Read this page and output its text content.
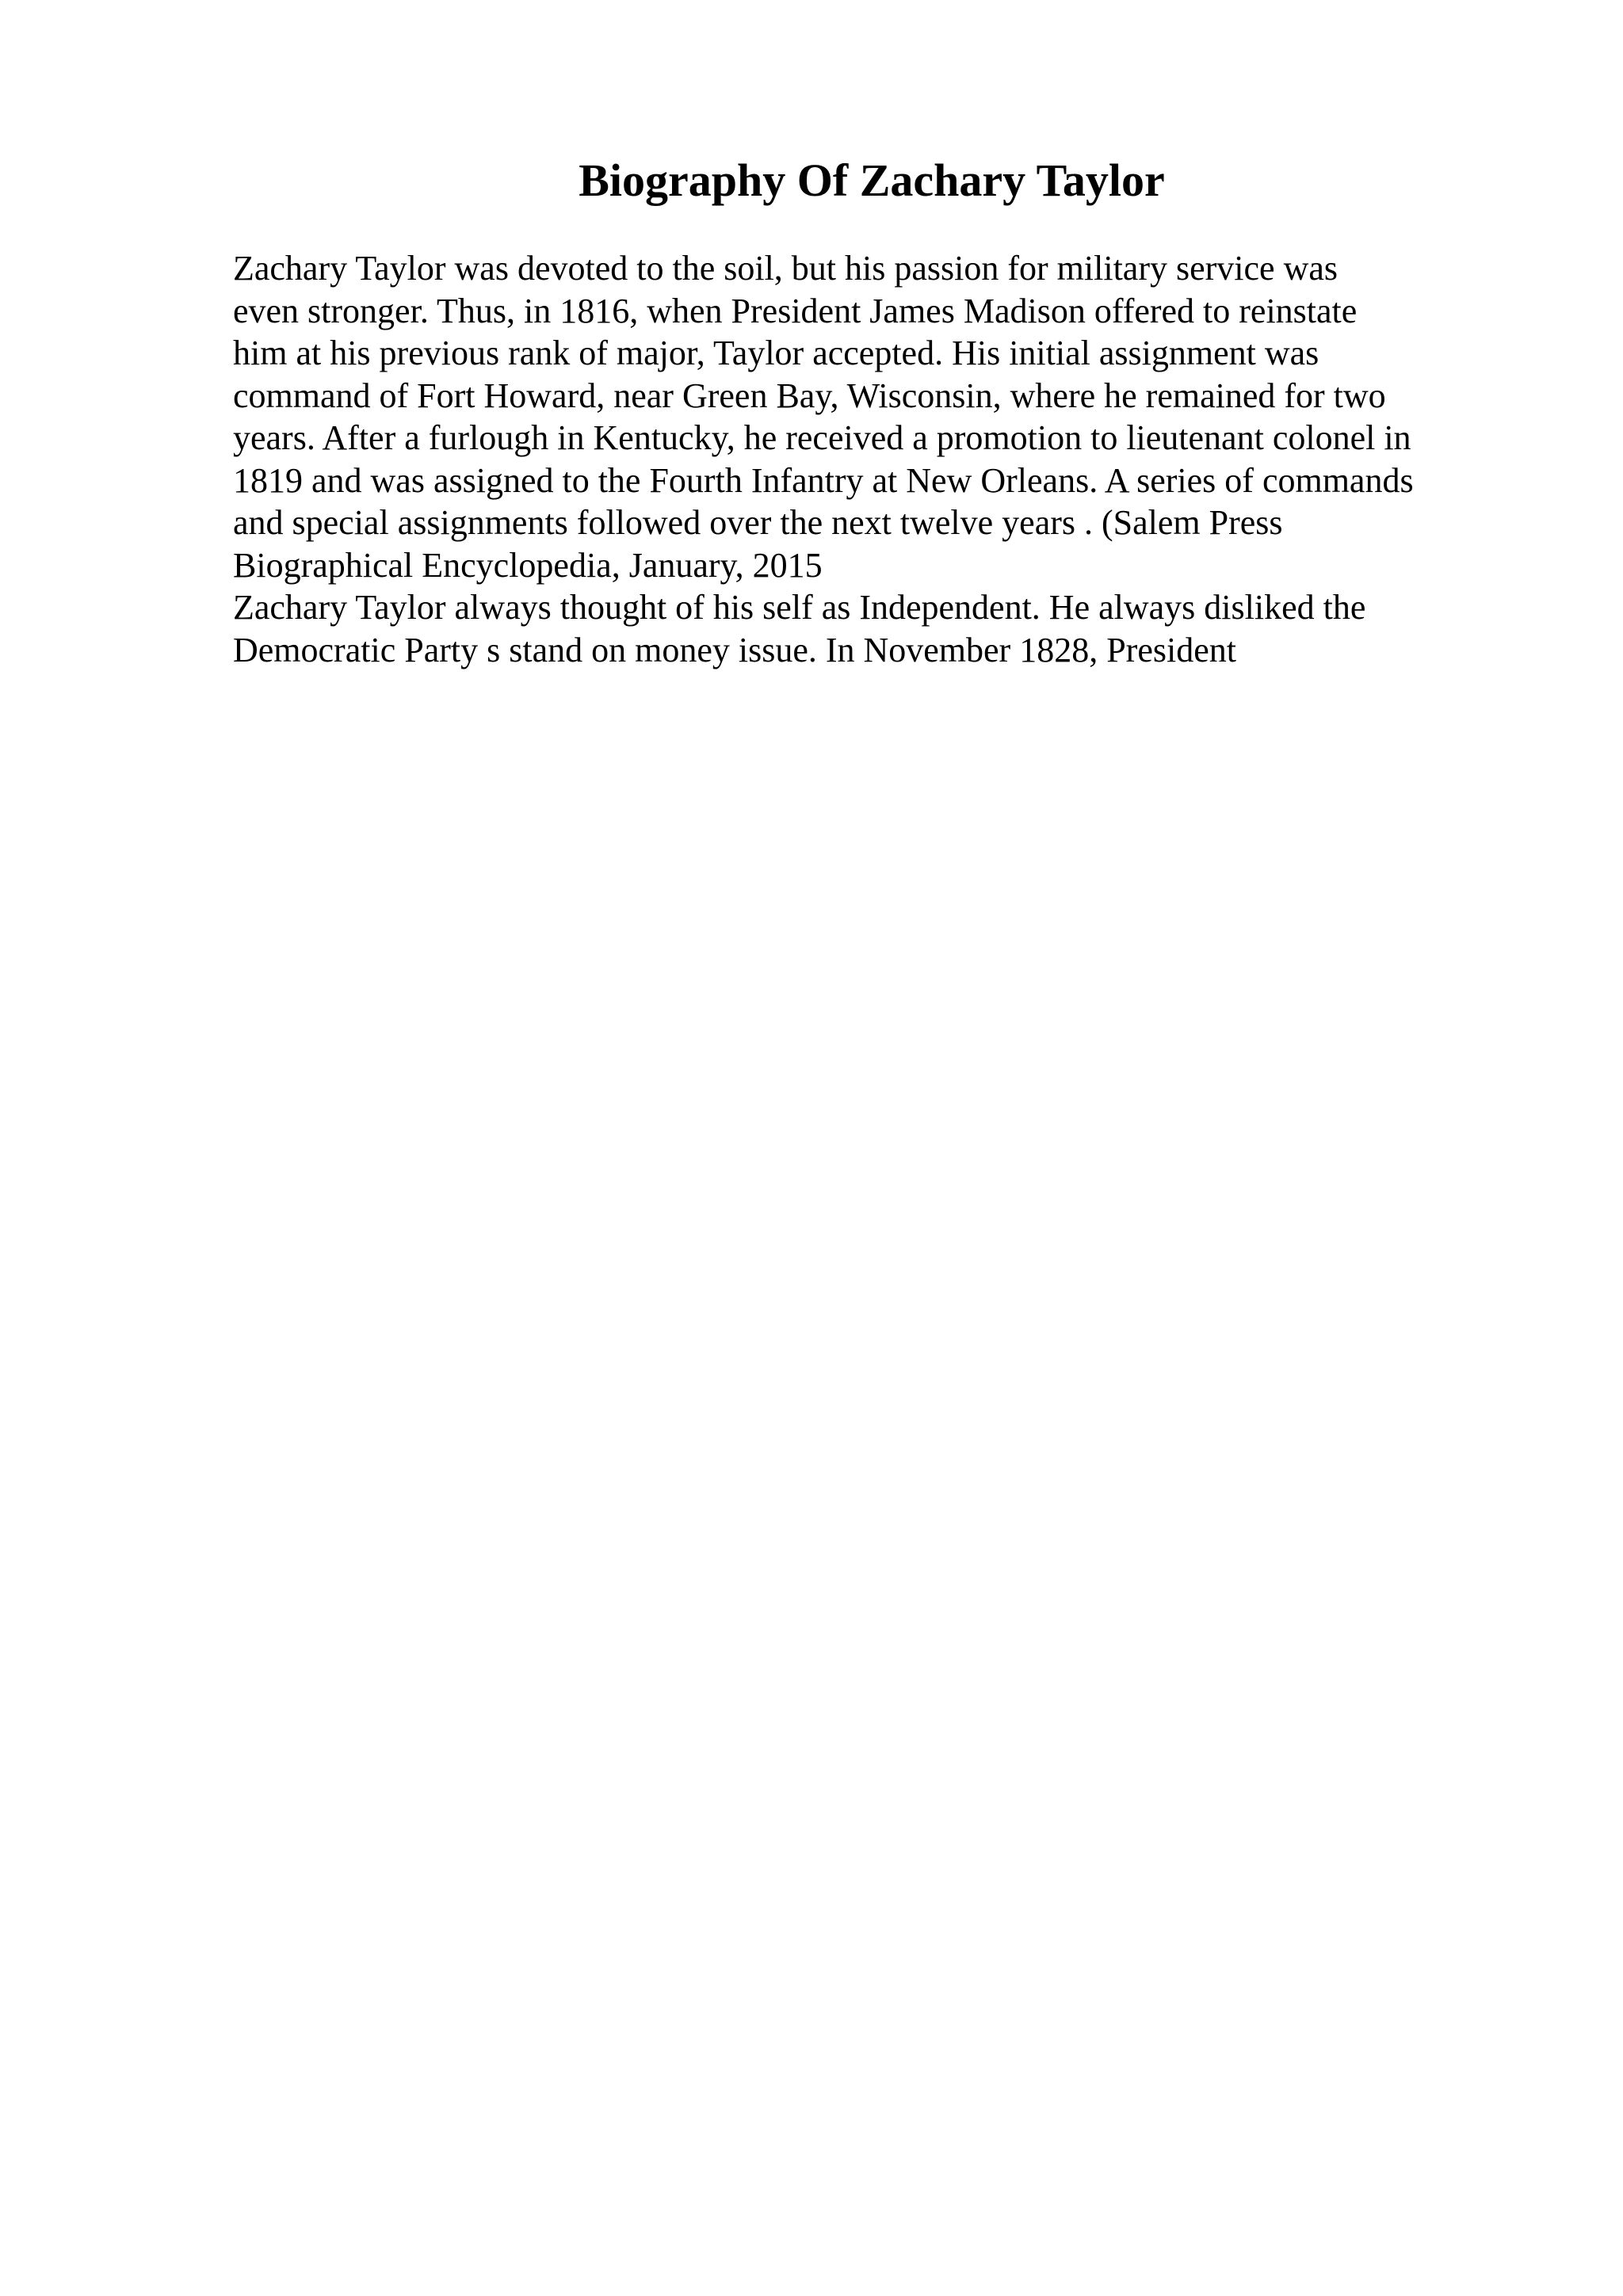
Biography Of Zachary Taylor
Zachary Taylor was devoted to the soil, but his passion for military service was
even stronger. Thus, in 1816, when President James Madison offered to reinstate
him at his previous rank of major, Taylor accepted. His initial assignment was
command of Fort Howard, near Green Bay, Wisconsin, where he remained for two
years. After a furlough in Kentucky, he received a promotion to lieutenant colonel in
1819 and was assigned to the Fourth Infantry at New Orleans. A series of commands
and special assignments followed over the next twelve years . (Salem Press
Biographical Encyclopedia, January, 2015
Zachary Taylor always thought of his self as Independent. He always disliked the
Democratic Party s stand on money issue. In November 1828, President
